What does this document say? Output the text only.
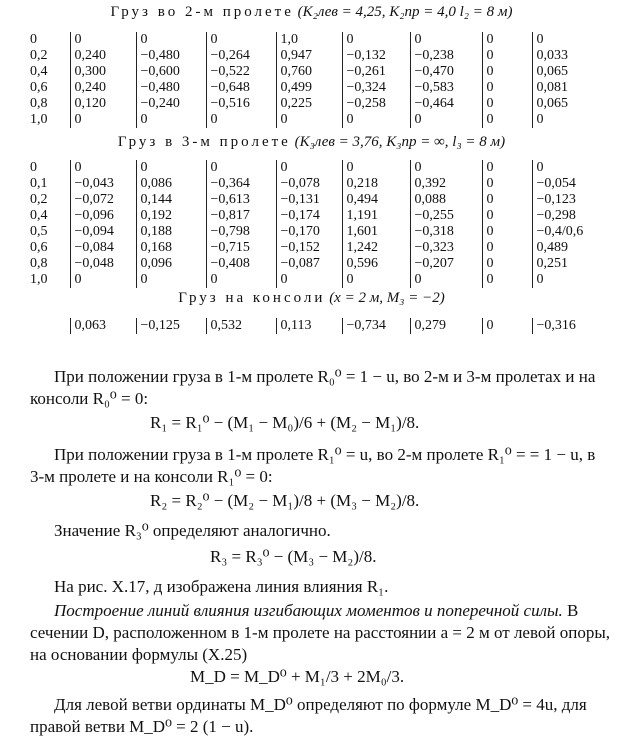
Груз во 2-м пролете (K₂лев = 4,25, K₂пр = 4,0 l₂ = 8 м)
0	0	0	0	1,0	0	0	0	0
0,2	0,240	−0,480	−0,264	0,947	−0,132	−0,238	0	0,033
0,4	0,300	−0,600	−0,522	0,760	−0,261	−0,470	0	0,065
0,6	0,240	−0,480	−0,648	0,499	−0,324	−0,583	0	0,081
0,8	0,120	−0,240	−0,516	0,225	−0,258	−0,464	0	0,065
1,0	0	0	0	0	0	0	0	0
Груз в 3-м пролете (K₃лев = 3,76, K₃пр = ∞, l₃ = 8 м)
0	0	0	0	0	0	0	0	0
0,1	−0,043	0,086	−0,364	−0,078	0,218	0,392	0	−0,054
0,2	−0,072	0,144	−0,613	−0,131	0,494	0,088	0	−0,123
0,4	−0,096	0,192	−0,817	−0,174	1,191	−0,255	0	−0,298
0,5	−0,094	0,188	−0,798	−0,170	1,601	−0,318	0	−0,4/0,6
0,6	−0,084	0,168	−0,715	−0,152	1,242	−0,323	0	0,489
0,8	−0,048	0,096	−0,408	−0,087	0,596	−0,207	0	0,251
1,0	0	0	0	0	0	0	0	0
Груз на консоли (x = 2 м, M₃ = −2)
	0,063	−0,125	0,532	0,113	−0,734	0,279	0	−0,316
При положении груза в 1-м пролете R₀⁰ = 1 − u, во 2-м и 3-м пролетах и на консоли R₀⁰ = 0:
R₁ = R₁⁰ − (M₁ − M₀)/6 + (M₂ − M₁)/8.
При положении груза в 1-м пролете R₁⁰ = u, во 2-м пролете R₁⁰ = = 1 − u, в 3-м пролете и на консоли R₁⁰ = 0:
R₂ = R₂⁰ − (M₂ − M₁)/8 + (M₃ − M₂)/8.
Значение R₃⁰ определяют аналогично.
R₃ = R₃⁰ − (M₃ − M₂)/8.
На рис. X.17, д изображена линия влияния R₁.
Построение линий влияния изгибающих моментов и поперечной силы. В сечении D, расположенном в 1-м пролете на расстоянии a = 2 м от левой опоры, на основании формулы (X.25)
M_D = M_D⁰ + M₁/3 + 2M₀/3.
Для левой ветви ординаты M_D⁰ определяют по формуле M_D⁰ = 4u, для правой ветви M_D⁰ = 2 (1 − u).
